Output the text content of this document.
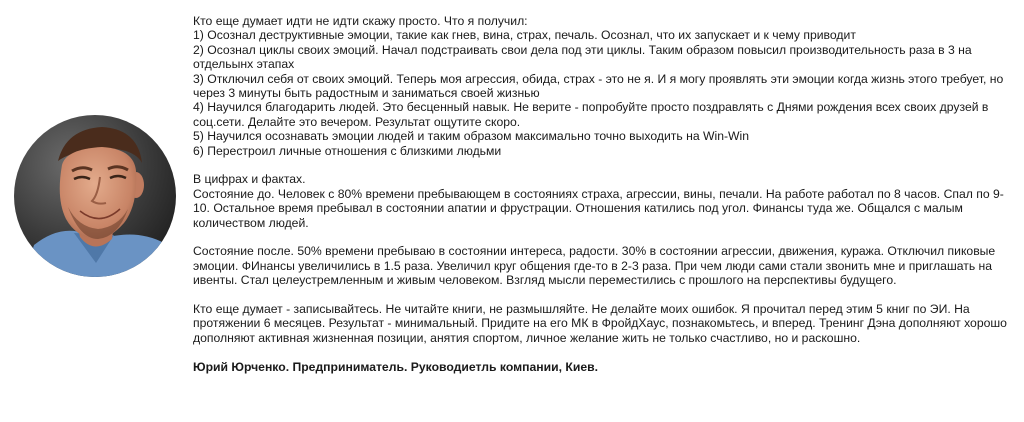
Кто еще думает идти не идти скажу просто. Что я получил:

1) Осознал деструктивные эмоции, такие как гнев, вина, страх, печаль. Осознал, что их запускает и к чему приводит

2) Осознал циклы своих эмоций. Начал подстраивать свои дела под эти циклы. Таким образом повысил производительность раза в 3 на отдельынх этапах

3) Отключил себя от своих эмоций. Теперь моя агрессия, обида, страх - это не я. И я могу проявлять эти эмоции когда жизнь этого требует, но через 3 минуты быть радостным и заниматься своей жизнью

4) Научился благодарить людей. Это бесценный навык. Не верите - попробуйте просто поздравлять с Днями рождения всех своих друзей в соц.сети. Делайте это вечером. Результат ощутите скоро.

5) Научился осознавать эмоции людей и таким образом максимально точно выходить на Win-Win

6) Перестроил личные отношения с близкими людьми

В цифрах и фактах.

Состояние до. Человек с 80% времени пребывающем в состояниях страха, агрессии, вины, печали. На работе работал по 8 часов. Спал по 9-10. Остальное время пребывал в состоянии апатии и фрустрации. Отношения катились под угол. Финансы туда же. Общался с малым количеством людей.

Состояние после. 50% времени пребываю в состоянии интереса, радости. 30% в состоянии агрессии, движения, куража. Отключил пиковые эмоции. ФИнансы увеличились в 1.5 раза. Увеличил круг общения где-то в 2-3 раза. При чем люди сами стали звонить мне и приглашать на ивенты. Стал целеустремленным и живым человеком. Взгляд мысли переместились с прошлого на перспективы будущего.

Кто еще думает - записывайтесь. Не читайте книги, не размышляйте. Не делайте моих ошибок. Я прочитал перед этим 5 книг по ЭИ. На протяжении 6 месяцев. Результат - минимальный. Придите на его МК в ФройдХаус, познакомьтесь, и вперед. Тренинг Дэна дополняют хорошо дополняют активная жизненная позиции, анятия спортом, личное желание жить не только счастливо, но и раскошно.

Юрий Юрченко. Предприниматель. Руководиетль компании, Киев.
